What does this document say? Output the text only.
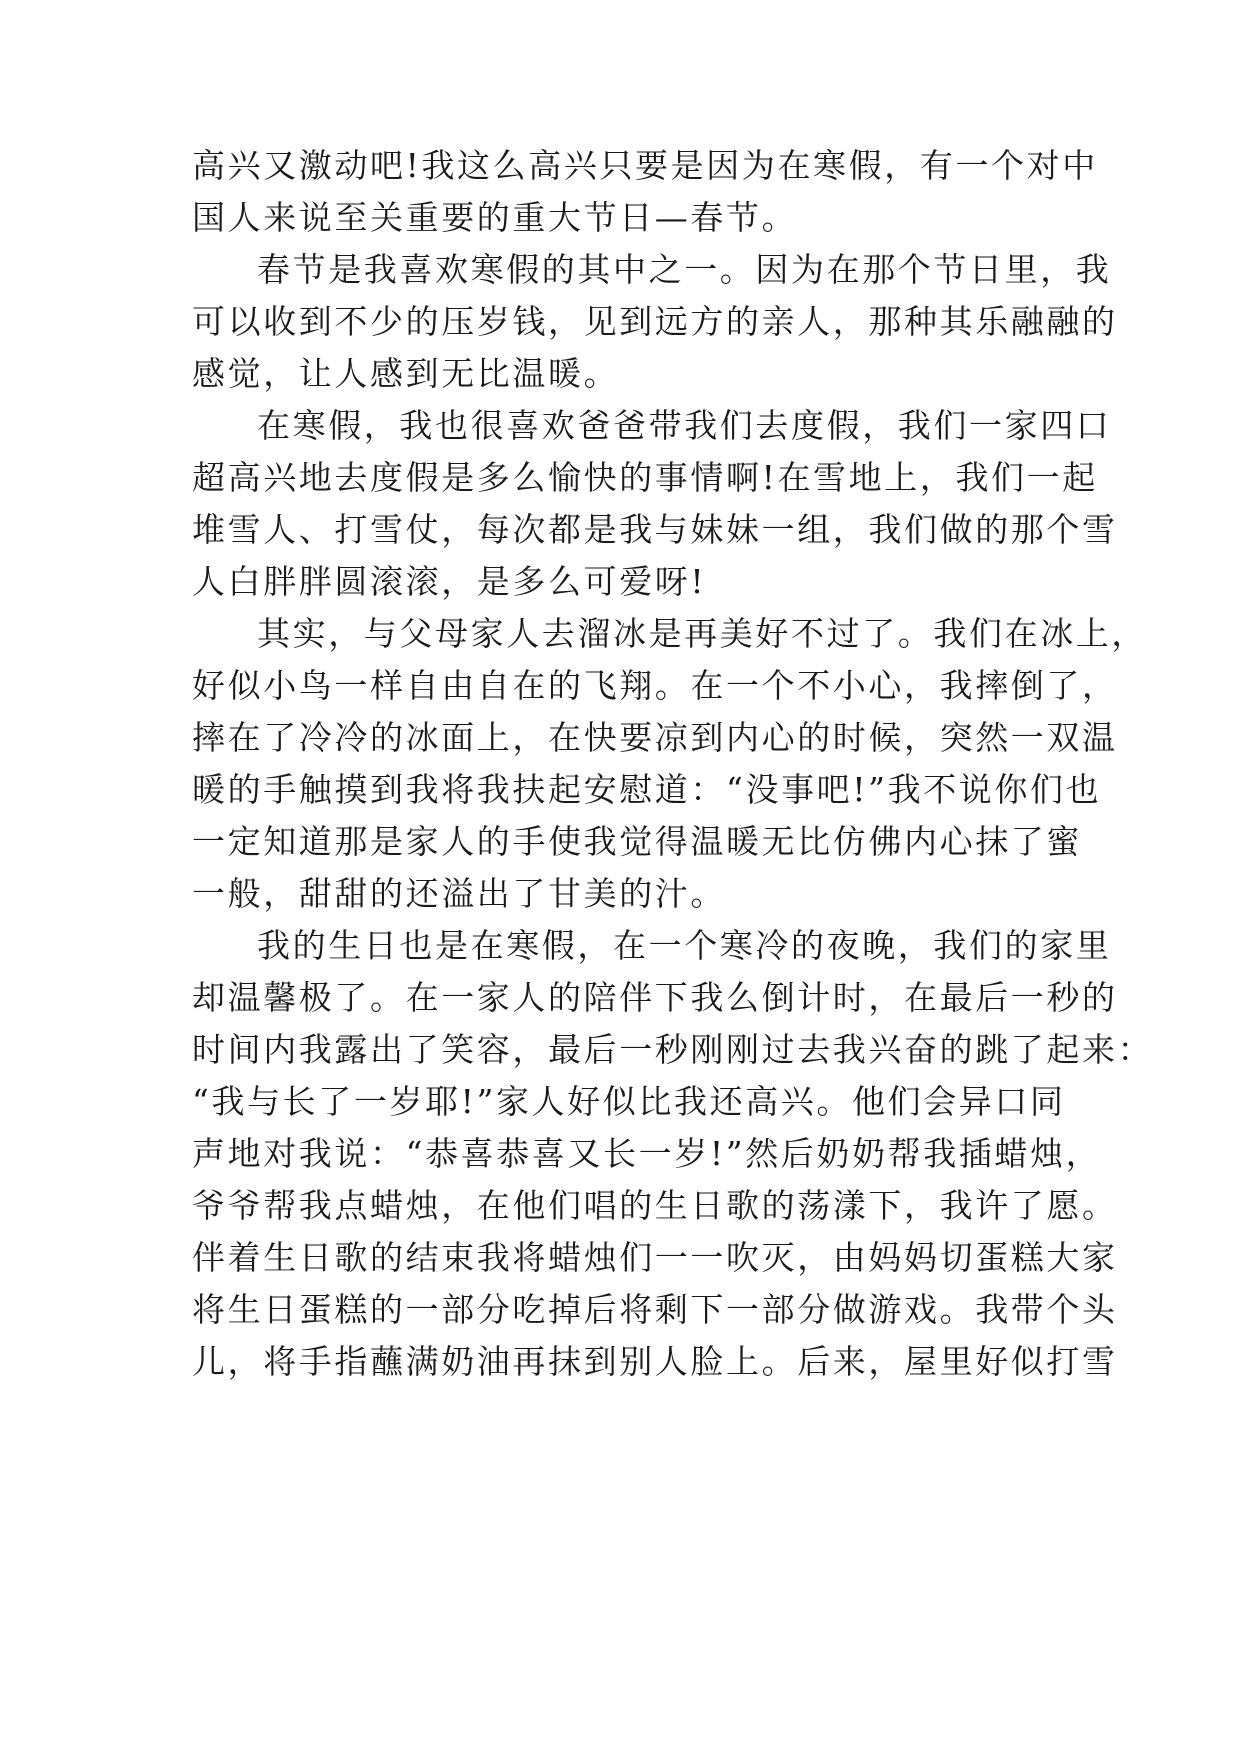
高兴又激动吧!我这么高兴只要是因为在寒假，有一个对中
国人来说至关重要的重大节日—春节。
春节是我喜欢寒假的其中之一。因为在那个节日里，我
可以收到不少的压岁钱，见到远方的亲人，那种其乐融融的
感觉，让人感到无比温暖。
在寒假，我也很喜欢爸爸带我们去度假，我们一家四口
超高兴地去度假是多么愉快的事情啊!在雪地上，我们一起
堆雪人、打雪仗，每次都是我与妹妹一组，我们做的那个雪
人白胖胖圆滚滚，是多么可爱呀!
其实，与父母家人去溜冰是再美好不过了。我们在冰上，
好似小鸟一样自由自在的飞翔。在一个不小心，我摔倒了，
摔在了冷冷的冰面上，在快要凉到内心的时候，突然一双温
暖的手触摸到我将我扶起安慰道：“没事吧!”我不说你们也
一定知道那是家人的手使我觉得温暖无比仿佛内心抹了蜜
一般，甜甜的还溢出了甘美的汁。
我的生日也是在寒假，在一个寒冷的夜晚，我们的家里
却温馨极了。在一家人的陪伴下我么倒计时，在最后一秒的
时间内我露出了笑容，最后一秒刚刚过去我兴奋的跳了起来：
“我与长了一岁耶!”家人好似比我还高兴。他们会异口同
声地对我说：“恭喜恭喜又长一岁!”然后奶奶帮我插蜡烛，
爷爷帮我点蜡烛，在他们唱的生日歌的荡漾下，我许了愿。
伴着生日歌的结束我将蜡烛们一一吹灭，由妈妈切蛋糕大家
将生日蛋糕的一部分吃掉后将剩下一部分做游戏。我带个头
儿，将手指蘸满奶油再抹到别人脸上。后来，屋里好似打雪
